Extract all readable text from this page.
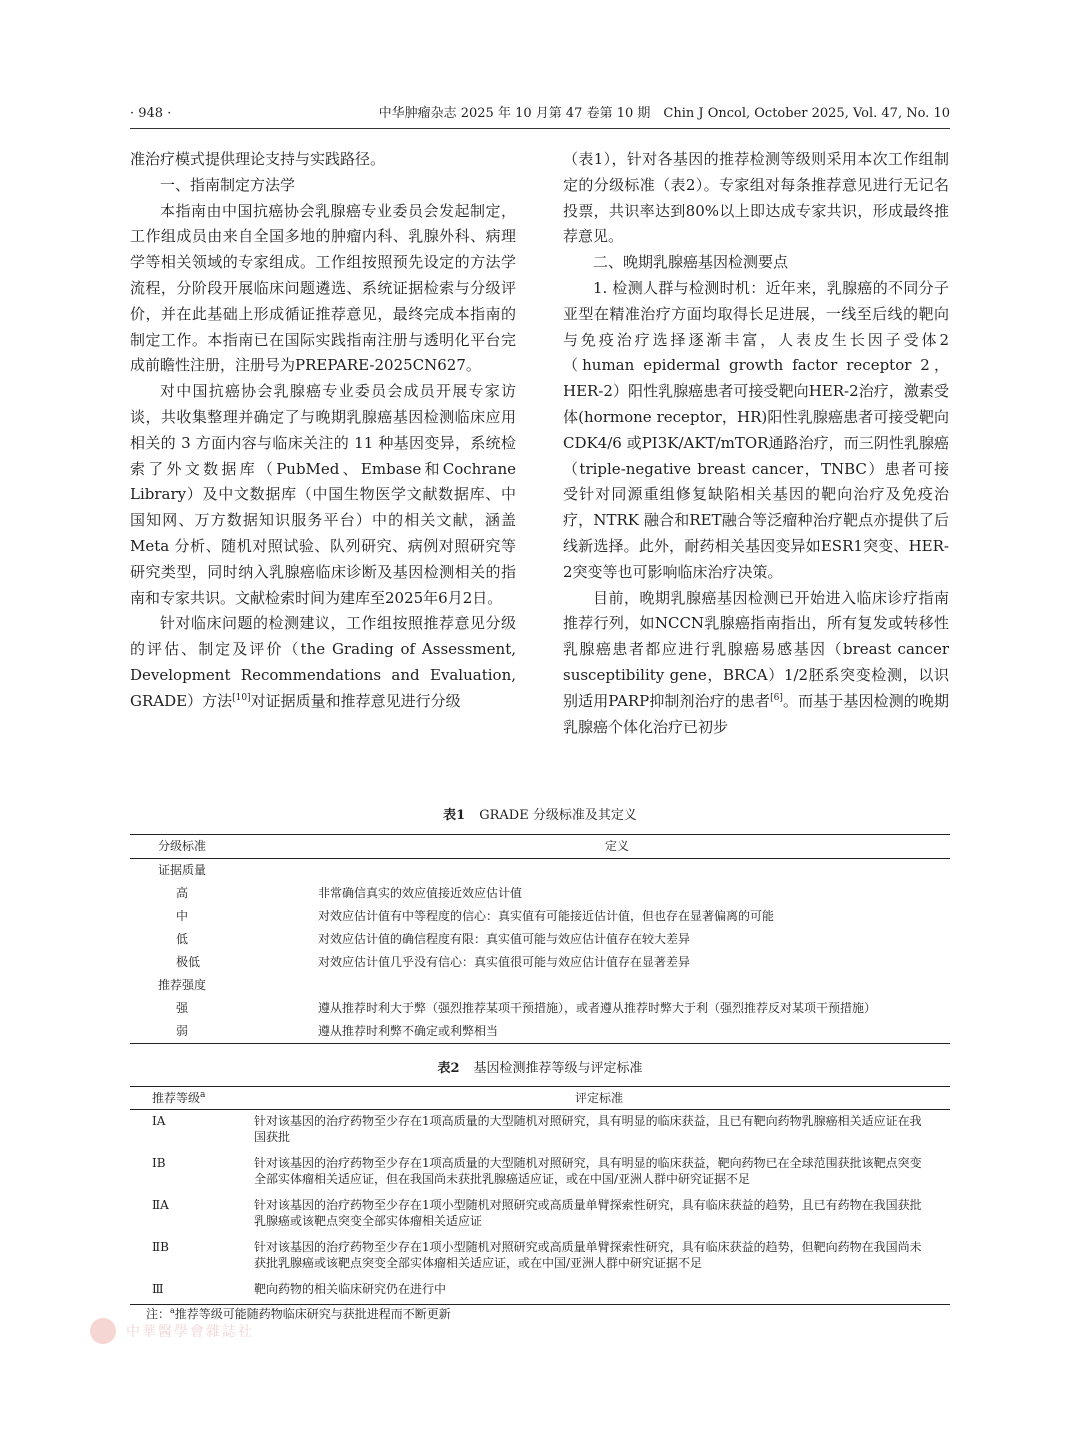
· 948 ·	中华肿瘤杂志 2025 年 10 月第 47 卷第 10 期　Chin J Oncol, October 2025, Vol. 47, No. 10

准治疗模式提供理论支持与实践路径。

一、指南制定方法学

本指南由中国抗癌协会乳腺癌专业委员会发起制定，工作组成员由来自全国多地的肿瘤内科、乳腺外科、病理学等相关领域的专家组成。工作组按照预先设定的方法学流程，分阶段开展临床问题遴选、系统证据检索与分级评价，并在此基础上形成循证推荐意见，最终完成本指南的制定工作。本指南已在国际实践指南注册与透明化平台完成前瞻性注册，注册号为PREPARE-2025CN627。

对中国抗癌协会乳腺癌专业委员会成员开展专家访谈，共收集整理并确定了与晚期乳腺癌基因检测临床应用相关的 3 方面内容与临床关注的 11 种基因变异，系统检索了外文数据库（PubMed、Embase和Cochrane Library）及中文数据库（中国生物医学文献数据库、中国知网、万方数据知识服务平台）中的相关文献，涵盖Meta 分析、随机对照试验、队列研究、病例对照研究等研究类型，同时纳入乳腺癌临床诊断及基因检测相关的指南和专家共识。文献检索时间为建库至2025年6月2日。

针对临床问题的检测建议，工作组按照推荐意见分级的评估、制定及评价（the Grading of Assessment, Development Recommendations and Evaluation, GRADE）方法[10]对证据质量和推荐意见进行分级

（表1），针对各基因的推荐检测等级则采用本次工作组制定的分级标准（表2）。专家组对每条推荐意见进行无记名投票，共识率达到80%以上即达成专家共识，形成最终推荐意见。

二、晚期乳腺癌基因检测要点

1. 检测人群与检测时机：近年来，乳腺癌的不同分子亚型在精准治疗方面均取得长足进展，一线至后线的靶向与免疫治疗选择逐渐丰富，人表皮生长因子受体2（human epidermal growth factor receptor 2，HER-2）阳性乳腺癌患者可接受靶向HER-2治疗，激素受体(hormone receptor，HR)阳性乳腺癌患者可接受靶向CDK4/6 或PI3K/AKT/mTOR通路治疗，而三阴性乳腺癌（triple-negative breast cancer，TNBC）患者可接受针对同源重组修复缺陷相关基因的靶向治疗及免疫治疗，NTRK 融合和RET融合等泛瘤种治疗靶点亦提供了后线新选择。此外，耐药相关基因变异如ESR1突变、HER-2突变等也可影响临床治疗决策。

目前，晚期乳腺癌基因检测已开始进入临床诊疗指南推荐行列，如NCCN乳腺癌指南指出，所有复发或转移性乳腺癌患者都应进行乳腺癌易感基因（breast cancer susceptibility gene，BRCA）1/2胚系突变检测，以识别适用PARP抑制剂治疗的患者[6]。而基于基因检测的晚期乳腺癌个体化治疗已初步

表1 GRADE 分级标准及其定义
分级标准	定义
证据质量	
高	非常确信真实的效应值接近效应估计值
中	对效应估计值有中等程度的信心：真实值有可能接近估计值，但也存在显著偏离的可能
低	对效应估计值的确信程度有限：真实值可能与效应估计值存在较大差异
极低	对效应估计值几乎没有信心：真实值很可能与效应估计值存在显著差异
推荐强度	
强	遵从推荐时利大于弊（强烈推荐某项干预措施），或者遵从推荐时弊大于利（强烈推荐反对某项干预措施）
弱	遵从推荐时利弊不确定或利弊相当
表2 基因检测推荐等级与评定标准
推荐等级$^a$	评定标准
ⅠA	针对该基因的治疗药物至少存在1项高质量的大型随机对照研究，具有明显的临床获益，且已有靶向药物乳腺癌相关适应证在我国获批
ⅠB	针对该基因的治疗药物至少存在1项高质量的大型随机对照研究，具有明显的临床获益，靶向药物已在全球范围获批该靶点突变全部实体瘤相关适应证，但在我国尚未获批乳腺癌适应证，或在中国/亚洲人群中研究证据不足
ⅡA	针对该基因的治疗药物至少存在1项小型随机对照研究或高质量单臂探索性研究，具有临床获益的趋势，且已有药物在我国获批乳腺癌或该靶点突变全部实体瘤相关适应证
ⅡB	针对该基因的治疗药物至少存在1项小型随机对照研究或高质量单臂探索性研究，具有临床获益的趋势，但靶向药物在我国尚未获批乳腺癌或该靶点突变全部实体瘤相关适应证，或在中国/亚洲人群中研究证据不足
Ⅲ	靶向药物的相关临床研究仍在进行中
注：$^a$推荐等级可能随药物临床研究与获批进程而不断更新
中華醫學會雜誌社
